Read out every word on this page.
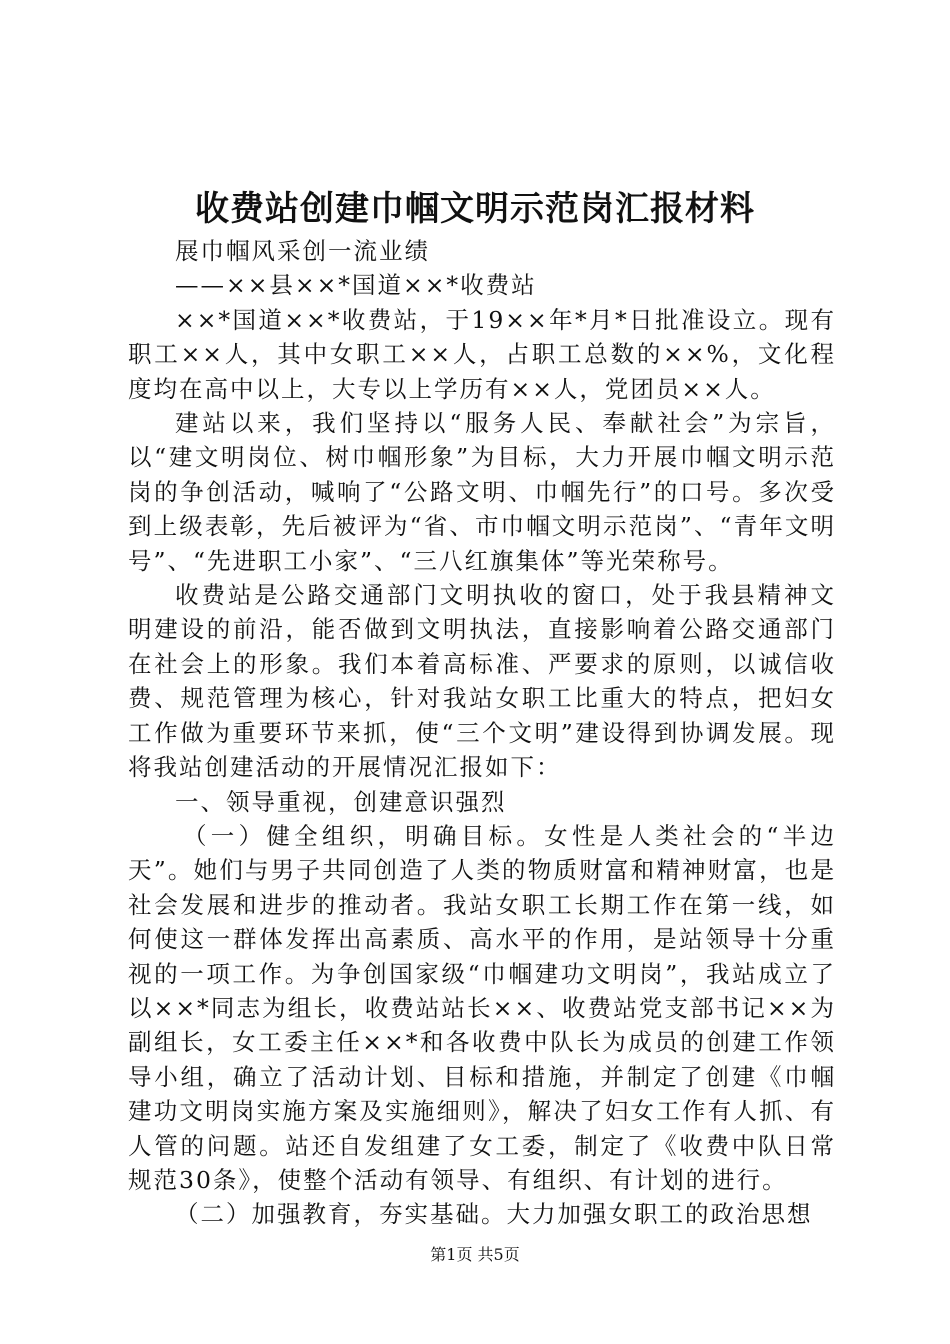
收费站创建巾帼文明示范岗汇报材料

展巾帼风采创一流业绩

——××县××*国道××*收费站

××*国道××*收费站，于19××年*月*日批准设立。现有职工××人，其中女职工××人，占职工总数的××%，文化程度均在高中以上，大专以上学历有××人，党团员××人。

建站以来，我们坚持以“服务人民、奉献社会”为宗旨，以“建文明岗位、树巾帼形象”为目标，大力开展巾帼文明示范岗的争创活动，喊响了“公路文明、巾帼先行”的口号。多次受到上级表彰，先后被评为“省、市巾帼文明示范岗”、“青年文明号”、“先进职工小家”、“三八红旗集体”等光荣称号。

收费站是公路交通部门文明执收的窗口，处于我县精神文明建设的前沿，能否做到文明执法，直接影响着公路交通部门在社会上的形象。我们本着高标准、严要求的原则，以诚信收费、规范管理为核心，针对我站女职工比重大的特点，把妇女工作做为重要环节来抓，使“三个文明”建设得到协调发展。现将我站创建活动的开展情况汇报如下：

一、领导重视，创建意识强烈

（一）健全组织，明确目标。女性是人类社会的“半边天”。她们与男子共同创造了人类的物质财富和精神财富，也是社会发展和进步的推动者。我站女职工长期工作在第一线，如何使这一群体发挥出高素质、高水平的作用，是站领导十分重视的一项工作。为争创国家级“巾帼建功文明岗”，我站成立了以××*同志为组长，收费站站长××、收费站党支部书记××为副组长，女工委主任××*和各收费中队长为成员的创建工作领导小组，确立了活动计划、目标和措施，并制定了创建《巾帼建功文明岗实施方案及实施细则》，解决了妇女工作有人抓、有人管的问题。站还自发组建了女工委，制定了《收费中队日常规范30条》，使整个活动有领导、有组织、有计划的进行。

（二）加强教育，夯实基础。大力加强女职工的政治思想

第1页 共5页
